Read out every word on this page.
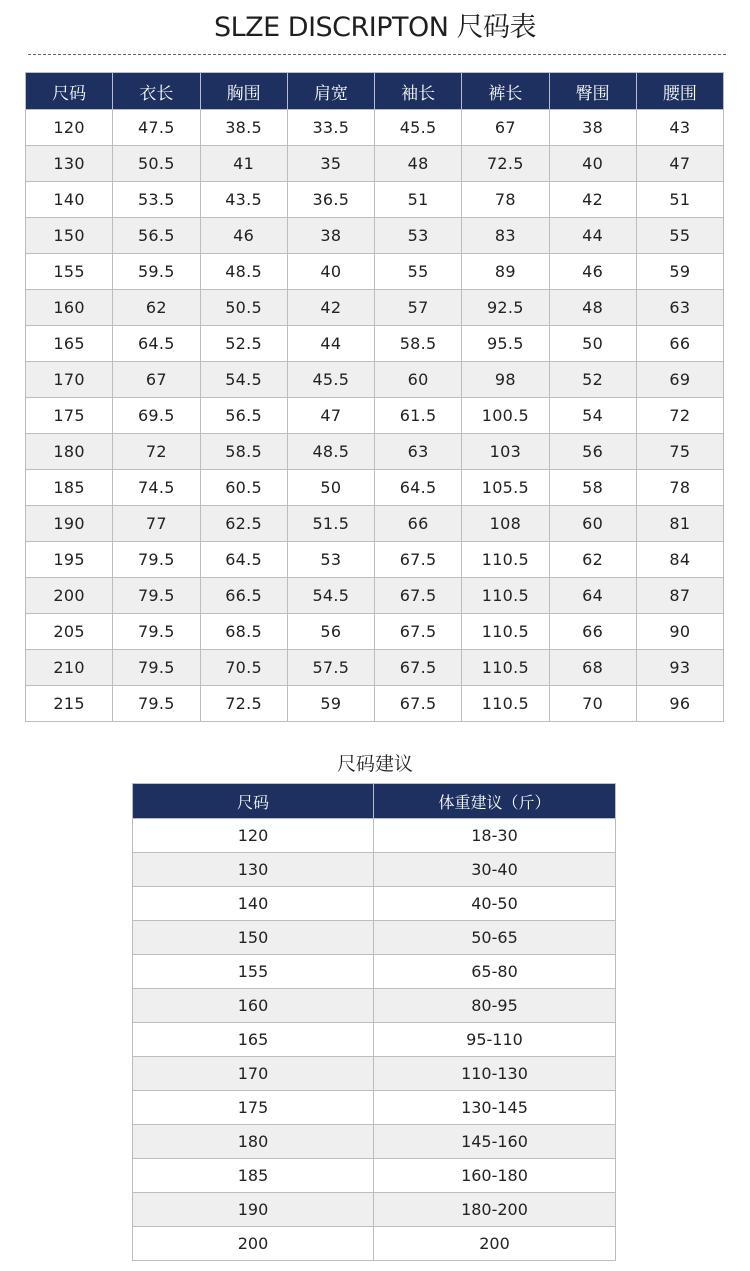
SLZE DISCRIPTON 尺码表
尺码	衣长	胸围	肩宽	袖长	裤长	臀围	腰围
120	47.5	38.5	33.5	45.5	67	38	43
130	50.5	41	35	48	72.5	40	47
140	53.5	43.5	36.5	51	78	42	51
150	56.5	46	38	53	83	44	55
155	59.5	48.5	40	55	89	46	59
160	62	50.5	42	57	92.5	48	63
165	64.5	52.5	44	58.5	95.5	50	66
170	67	54.5	45.5	60	98	52	69
175	69.5	56.5	47	61.5	100.5	54	72
180	72	58.5	48.5	63	103	56	75
185	74.5	60.5	50	64.5	105.5	58	78
190	77	62.5	51.5	66	108	60	81
195	79.5	64.5	53	67.5	110.5	62	84
200	79.5	66.5	54.5	67.5	110.5	64	87
205	79.5	68.5	56	67.5	110.5	66	90
210	79.5	70.5	57.5	67.5	110.5	68	93
215	79.5	72.5	59	67.5	110.5	70	96
尺码建议
尺码	体重建议（斤）
120	18-30
130	30-40
140	40-50
150	50-65
155	65-80
160	80-95
165	95-110
170	110-130
175	130-145
180	145-160
185	160-180
190	180-200
200	200
